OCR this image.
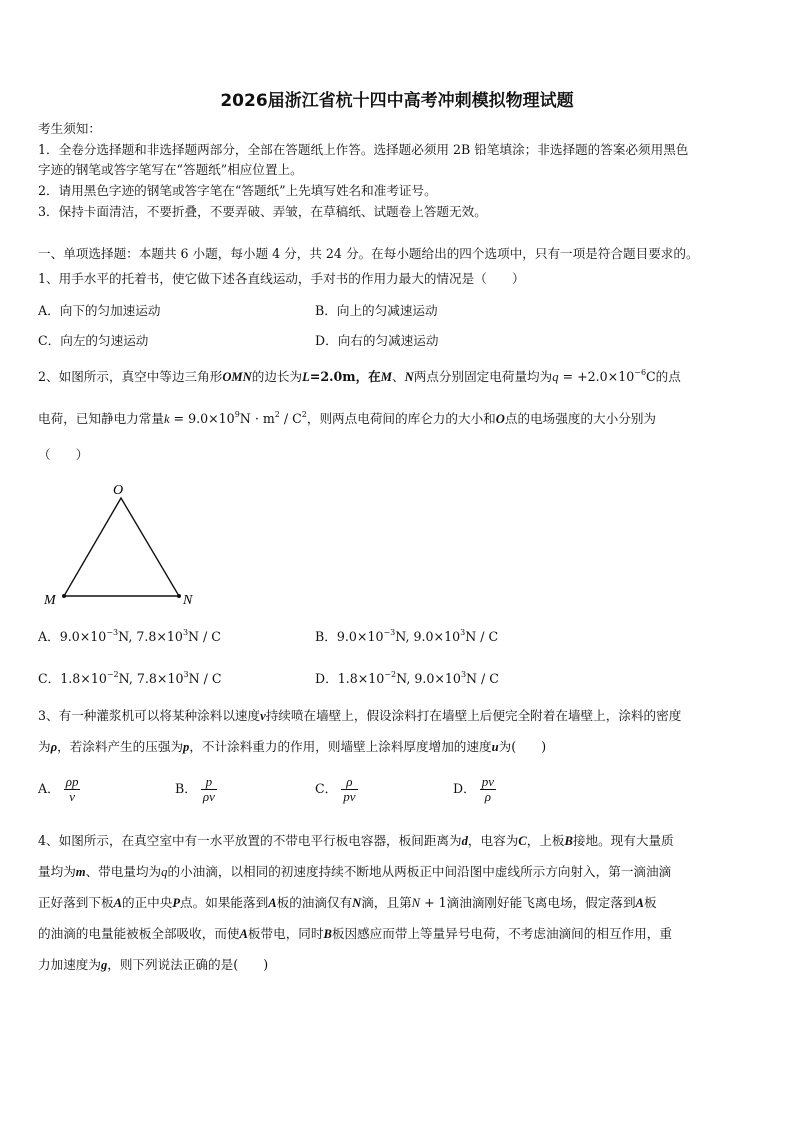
2026届浙江省杭十四中高考冲刺模拟物理试题
考生须知：
1．全卷分选择题和非选择题两部分，全部在答题纸上作答。选择题必须用 2B 铅笔填涂；非选择题的答案必须用黑色
字迹的钢笔或答字笔写在“答题纸”相应位置上。
2．请用黑色字迹的钢笔或答字笔在“答题纸”上先填写姓名和准考证号。
3．保持卡面清洁，不要折叠，不要弄破、弄皱，在草稿纸、试题卷上答题无效。
一、单项选择题：本题共 6 小题，每小题 4 分，共 24 分。在每小题给出的四个选项中，只有一项是符合题目要求的。
1、用手水平的托着书，使它做下述各直线运动，手对书的作用力最大的情况是（　　）
A．向下的匀加速运动	B．向上的匀减速运动
C．向左的匀速运动	D．向右的匀减速运动
2、如图所示，真空中等边三角形OMN的边长为L=2.0m，在M、N两点分别固定电荷量均为$q = +2.0\times 10^{-6}C$的点
电荷，已知静电力常量$k = 9.0\times 10^9N \cdot m^2 / C^2$，则两点电荷间的库仑力的大小和O点的电场强度的大小分别为
（　　）
O
M	N
A．$9.0\times 10^{-3}N$, $7.8\times 10^3N / C$	B．$9.0\times 10^{-3}N$, $9.0\times 10^3N / C$
C．$1.8\times 10^{-2}N$, $7.8\times 10^3N / C$	D．$1.8\times 10^{-2}N$, $9.0\times 10^3N / C$
3、有一种灌浆机可以将某种涂料以速度v持续喷在墙壁上，假设涂料打在墙壁上后便完全附着在墙壁上，涂料的密度
为ρ，若涂料产生的压强为p，不计涂料重力的作用，则墙壁上涂料厚度增加的速度u为(　　)
A． $\frac{\rho p}{v}$	B． $\frac{p}{\rho v}$	C． $\frac{\rho}{pv}$	D． $\frac{pv}{\rho}$
4、如图所示，在真空室中有一水平放置的不带电平行板电容器，板间距离为d，电容为C，上板B接地。现有大量质
量均为m、带电量均为q的小油滴，以相同的初速度持续不断地从两板正中间沿图中虚线所示方向射入，第一滴油滴
正好落到下板A的正中央P点。如果能落到A板的油滴仅有N滴，且第N + 1滴油滴刚好能飞离电场，假定落到A板
的油滴的电量能被板全部吸收，而使A板带电，同时B板因感应而带上等量异号电荷，不考虑油滴间的相互作用，重
力加速度为g，则下列说法正确的是(　　)
